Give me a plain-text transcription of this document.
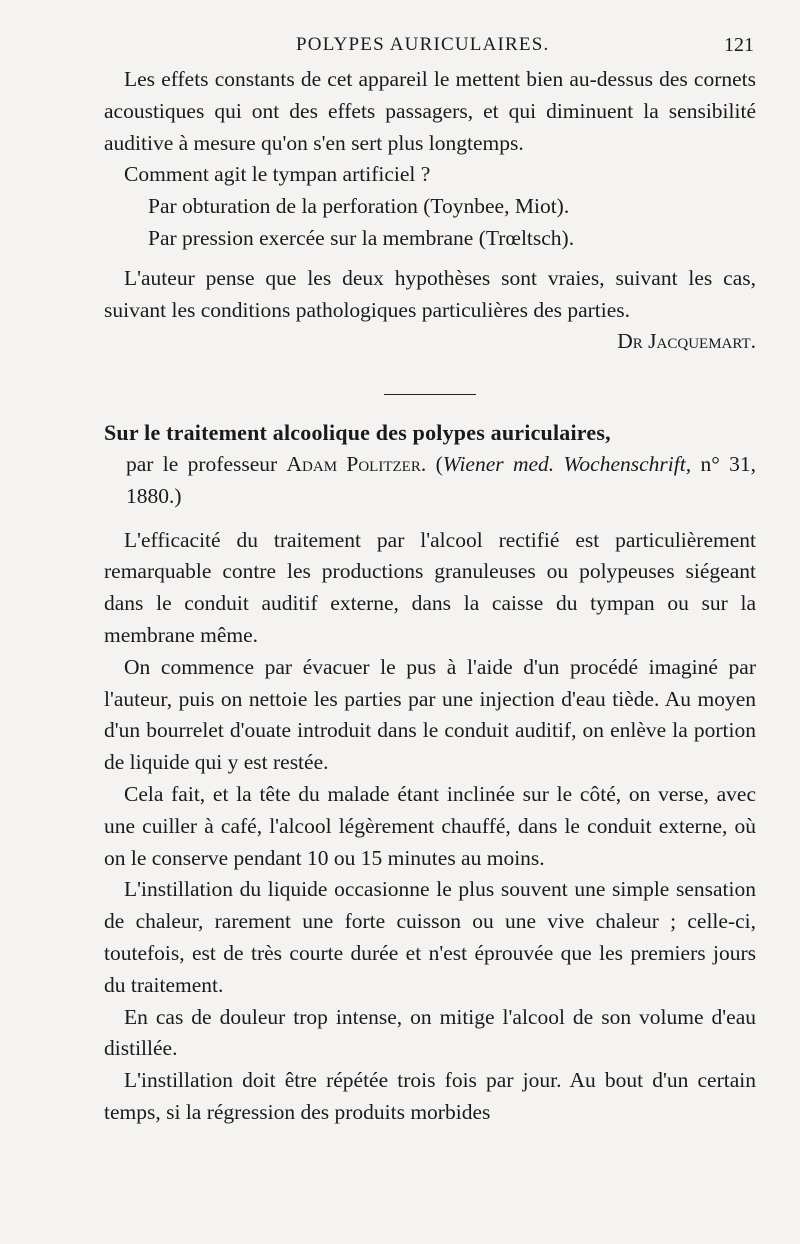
POLYPES AURICULAIRES.	121

Les effets constants de cet appareil le mettent bien au-dessus des cornets acoustiques qui ont des effets passagers, et qui diminuent la sensibilité auditive à mesure qu'on s'en sert plus longtemps.

Comment agit le tympan artificiel ?

Par obturation de la perforation (Toynbee, Miot).

Par pression exercée sur la membrane (Trœltsch).

L'auteur pense que les deux hypothèses sont vraies, suivant les cas, suivant les conditions pathologiques particulières des parties.

Dr Jacquemart.

Sur le traitement alcoolique des polypes auriculaires,

par le professeur Adam Politzer. (Wiener med. Wochenschrift, n° 31, 1880.)

L'efficacité du traitement par l'alcool rectifié est particulièrement remarquable contre les productions granuleuses ou polypeuses siégeant dans le conduit auditif externe, dans la caisse du tympan ou sur la membrane même.

On commence par évacuer le pus à l'aide d'un procédé imaginé par l'auteur, puis on nettoie les parties par une injection d'eau tiède. Au moyen d'un bourrelet d'ouate introduit dans le conduit auditif, on enlève la portion de liquide qui y est restée.

Cela fait, et la tête du malade étant inclinée sur le côté, on verse, avec une cuiller à café, l'alcool légèrement chauffé, dans le conduit externe, où on le conserve pendant 10 ou 15 minutes au moins.

L'instillation du liquide occasionne le plus souvent une simple sensation de chaleur, rarement une forte cuisson ou une vive chaleur ; celle-ci, toutefois, est de très courte durée et n'est éprouvée que les premiers jours du traitement.

En cas de douleur trop intense, on mitige l'alcool de son volume d'eau distillée.

L'instillation doit être répétée trois fois par jour. Au bout d'un certain temps, si la régression des produits morbides
